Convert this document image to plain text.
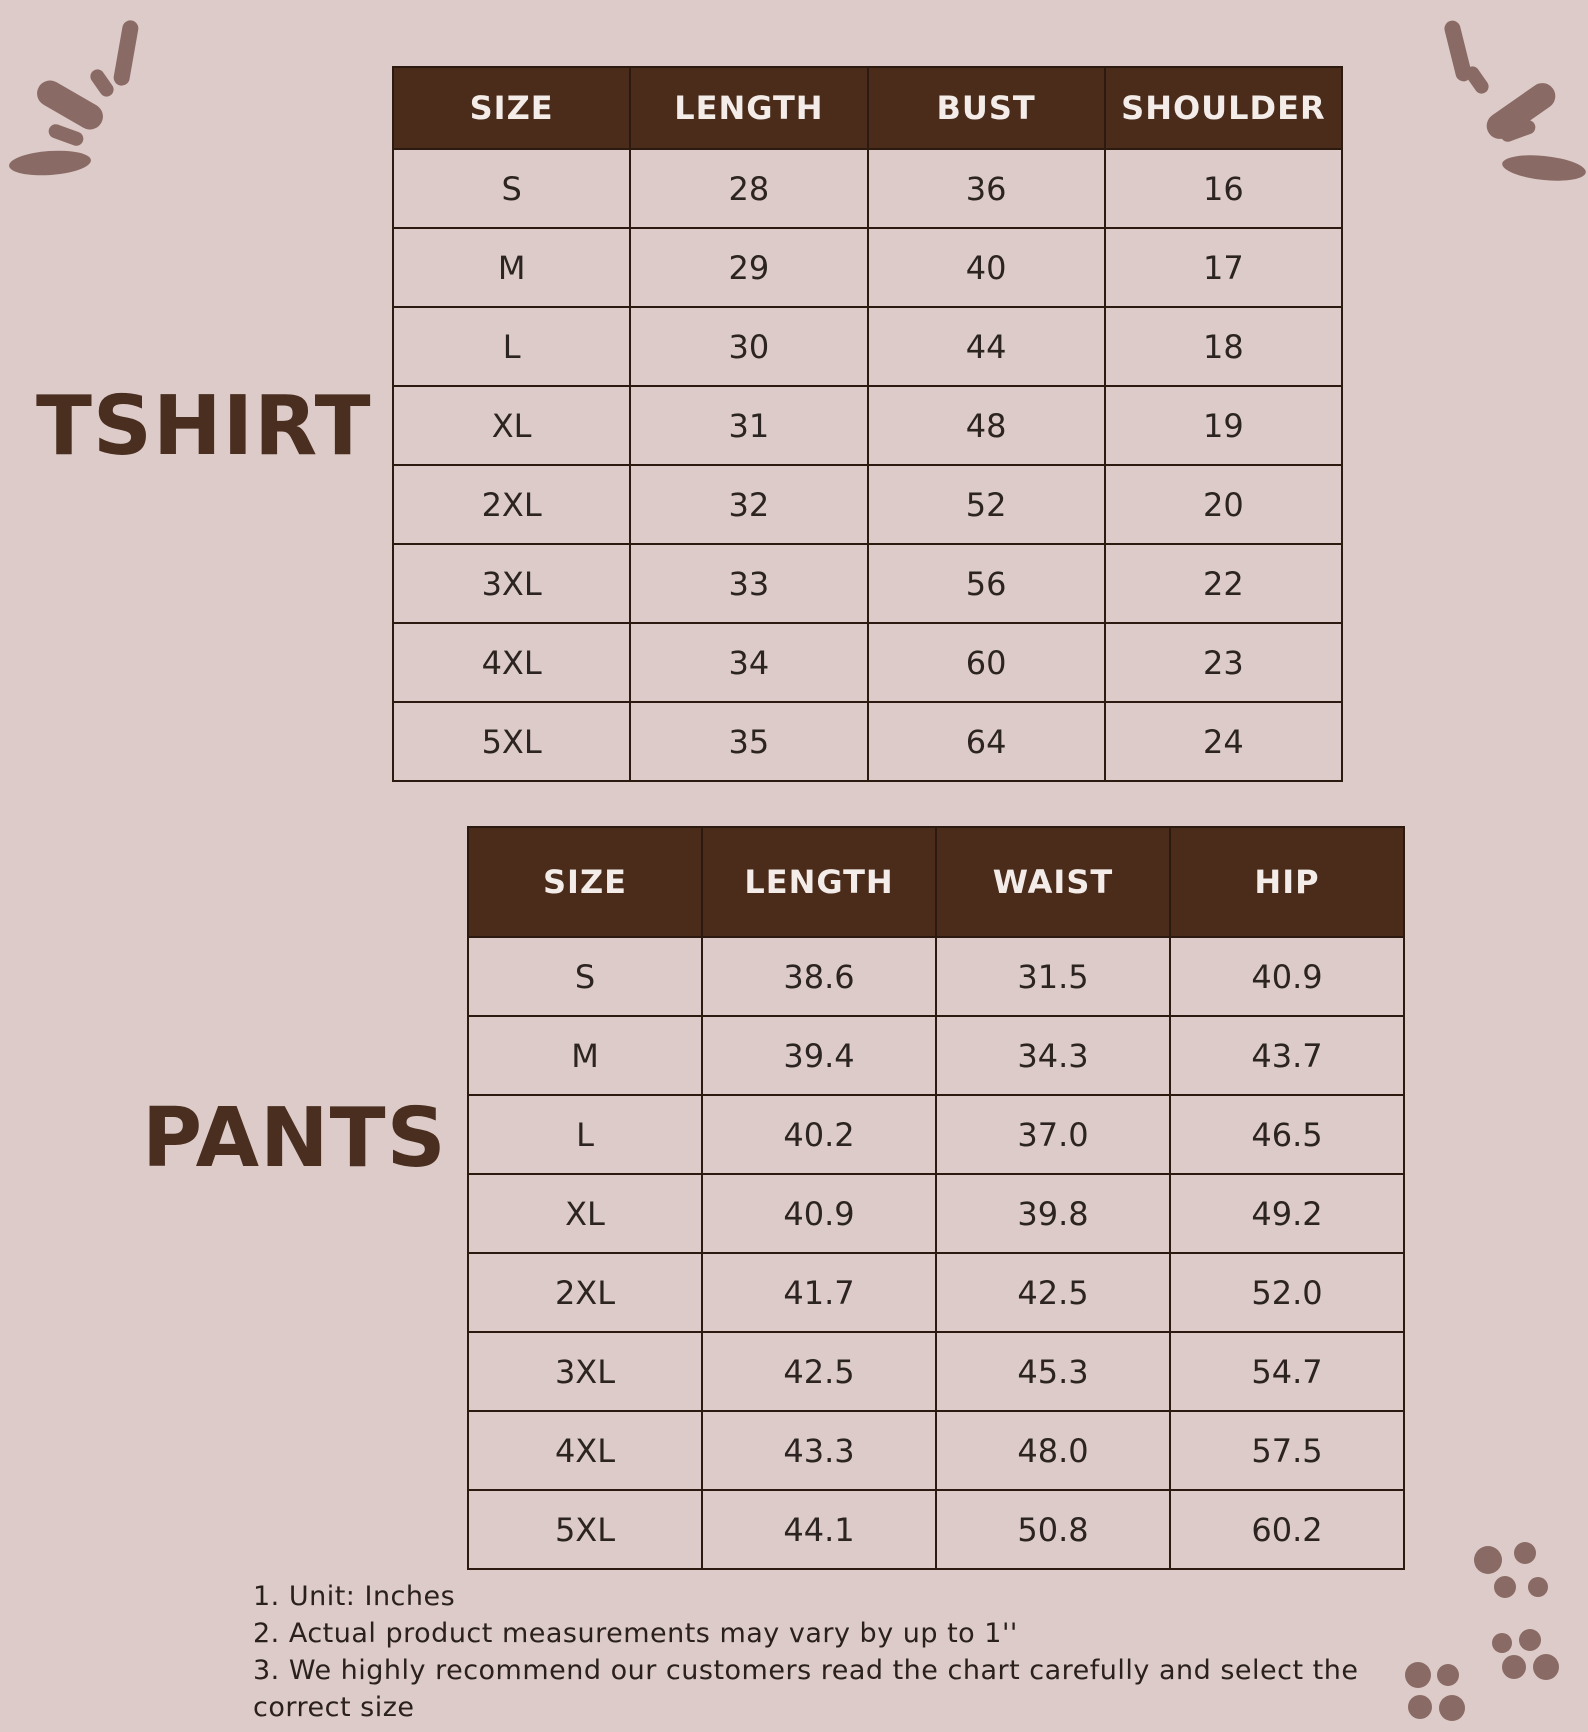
TSHIRT
PANTS
SIZE	LENGTH	BUST	SHOULDER
S	28	36	16
M	29	40	17
L	30	44	18
XL	31	48	19
2XL	32	52	20
3XL	33	56	22
4XL	34	60	23
5XL	35	64	24
SIZE	LENGTH	WAIST	HIP
S	38.6	31.5	40.9
M	39.4	34.3	43.7
L	40.2	37.0	46.5
XL	40.9	39.8	49.2
2XL	41.7	42.5	52.0
3XL	42.5	45.3	54.7
4XL	43.3	48.0	57.5
5XL	44.1	50.8	60.2
1. Unit: Inches
2. Actual product measurements may vary by up to 1''
3. We highly recommend our customers read the chart carefully and select the
correct size
